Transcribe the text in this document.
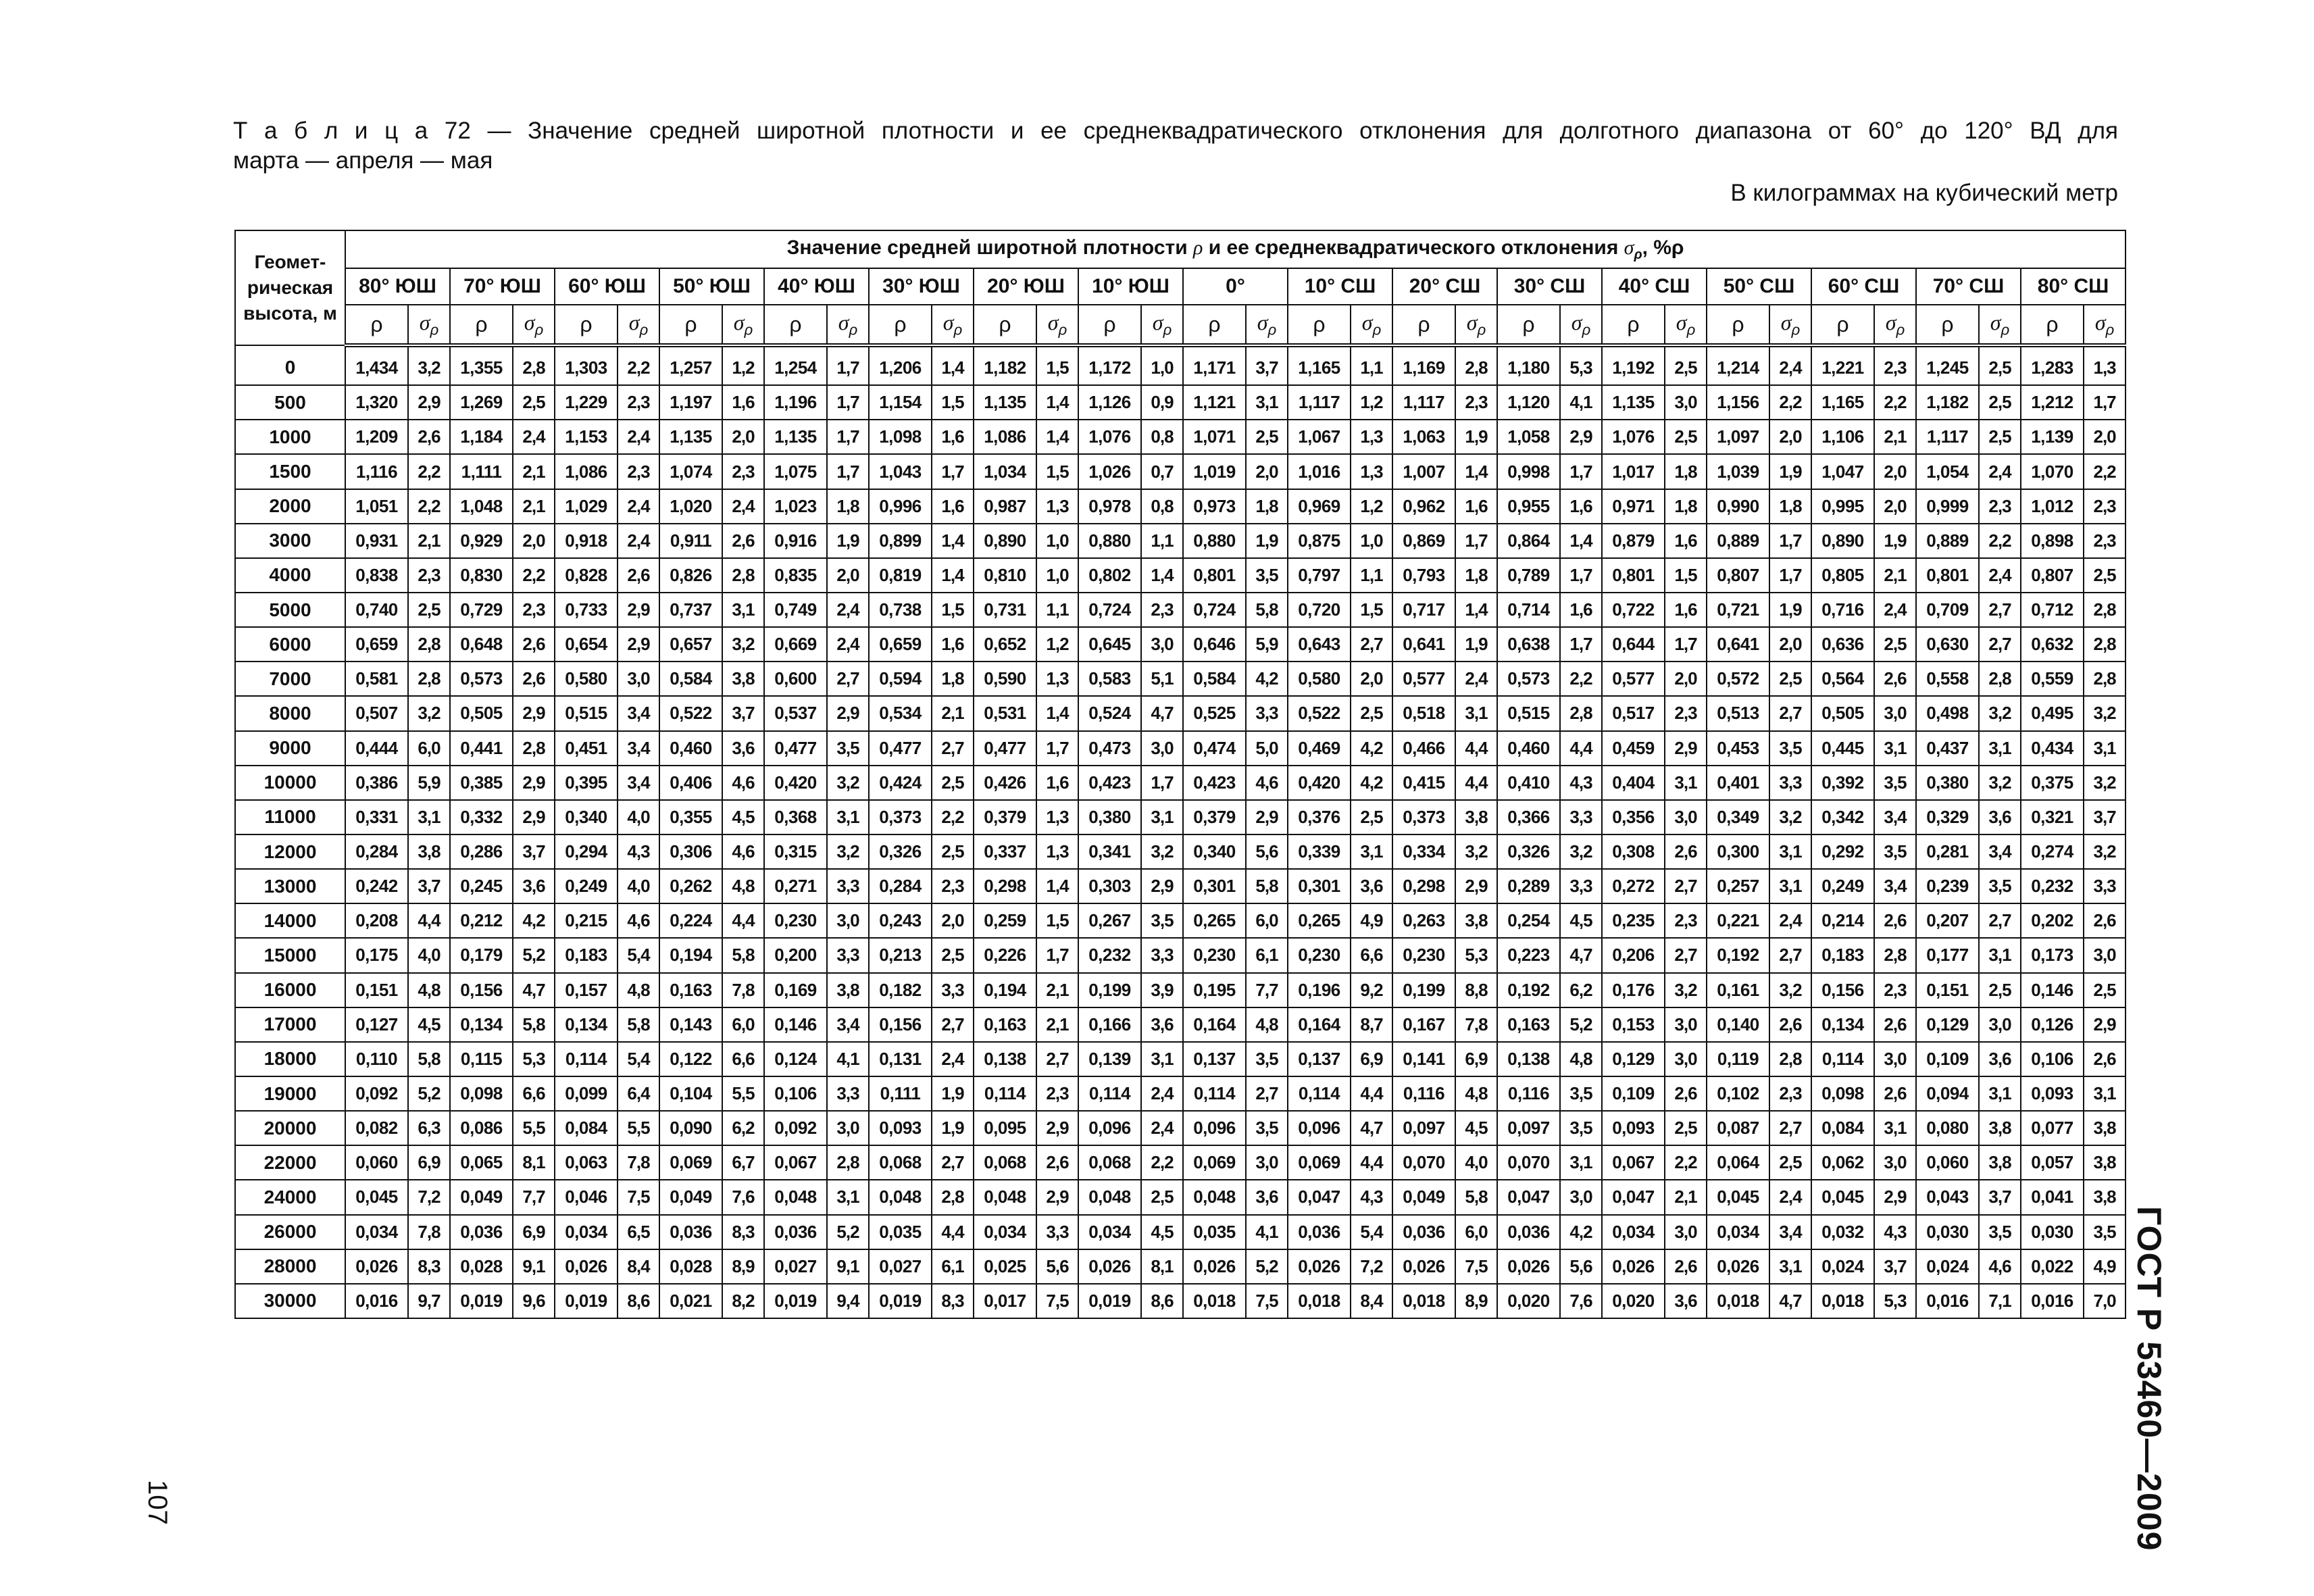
Т а б л и ц а 72 — Значение средней широтной плотности и ее среднеквадратического отклонения для долготного диапазона от 60° до 120° ВД для
марта — апреля — мая
В килограммах на кубический метр
Геомет-
рическая
высота, м	Значение средней широтной плотности ρ и ее среднеквадратического отклонения $\sigma_\rho$, %ρ																																	
	80° ЮШ		70° ЮШ		60° ЮШ		50° ЮШ		40° ЮШ		30° ЮШ		20° ЮШ		10° ЮШ		0°		10° СШ		20° СШ		30° СШ		40° СШ		50° СШ		60° СШ		70° СШ		80° СШ	
	ρ	$\sigma_\rho$	ρ	$\sigma_\rho$	ρ	$\sigma_\rho$	ρ	$\sigma_\rho$	ρ	$\sigma_\rho$	ρ	$\sigma_\rho$	ρ	$\sigma_\rho$	ρ	$\sigma_\rho$	ρ	$\sigma_\rho$	ρ	$\sigma_\rho$	ρ	$\sigma_\rho$	ρ	$\sigma_\rho$	ρ	$\sigma_\rho$	ρ	$\sigma_\rho$	ρ	$\sigma_\rho$	ρ	$\sigma_\rho$	ρ	$\sigma_\rho$
0	1,434	3,2	1,355	2,8	1,303	2,2	1,257	1,2	1,254	1,7	1,206	1,4	1,182	1,5	1,172	1,0	1,171	3,7	1,165	1,1	1,169	2,8	1,180	5,3	1,192	2,5	1,214	2,4	1,221	2,3	1,245	2,5	1,283	1,3
500	1,320	2,9	1,269	2,5	1,229	2,3	1,197	1,6	1,196	1,7	1,154	1,5	1,135	1,4	1,126	0,9	1,121	3,1	1,117	1,2	1,117	2,3	1,120	4,1	1,135	3,0	1,156	2,2	1,165	2,2	1,182	2,5	1,212	1,7
1000	1,209	2,6	1,184	2,4	1,153	2,4	1,135	2,0	1,135	1,7	1,098	1,6	1,086	1,4	1,076	0,8	1,071	2,5	1,067	1,3	1,063	1,9	1,058	2,9	1,076	2,5	1,097	2,0	1,106	2,1	1,117	2,5	1,139	2,0
1500	1,116	2,2	1,111	2,1	1,086	2,3	1,074	2,3	1,075	1,7	1,043	1,7	1,034	1,5	1,026	0,7	1,019	2,0	1,016	1,3	1,007	1,4	0,998	1,7	1,017	1,8	1,039	1,9	1,047	2,0	1,054	2,4	1,070	2,2
2000	1,051	2,2	1,048	2,1	1,029	2,4	1,020	2,4	1,023	1,8	0,996	1,6	0,987	1,3	0,978	0,8	0,973	1,8	0,969	1,2	0,962	1,6	0,955	1,6	0,971	1,8	0,990	1,8	0,995	2,0	0,999	2,3	1,012	2,3
3000	0,931	2,1	0,929	2,0	0,918	2,4	0,911	2,6	0,916	1,9	0,899	1,4	0,890	1,0	0,880	1,1	0,880	1,9	0,875	1,0	0,869	1,7	0,864	1,4	0,879	1,6	0,889	1,7	0,890	1,9	0,889	2,2	0,898	2,3
4000	0,838	2,3	0,830	2,2	0,828	2,6	0,826	2,8	0,835	2,0	0,819	1,4	0,810	1,0	0,802	1,4	0,801	3,5	0,797	1,1	0,793	1,8	0,789	1,7	0,801	1,5	0,807	1,7	0,805	2,1	0,801	2,4	0,807	2,5
5000	0,740	2,5	0,729	2,3	0,733	2,9	0,737	3,1	0,749	2,4	0,738	1,5	0,731	1,1	0,724	2,3	0,724	5,8	0,720	1,5	0,717	1,4	0,714	1,6	0,722	1,6	0,721	1,9	0,716	2,4	0,709	2,7	0,712	2,8
6000	0,659	2,8	0,648	2,6	0,654	2,9	0,657	3,2	0,669	2,4	0,659	1,6	0,652	1,2	0,645	3,0	0,646	5,9	0,643	2,7	0,641	1,9	0,638	1,7	0,644	1,7	0,641	2,0	0,636	2,5	0,630	2,7	0,632	2,8
7000	0,581	2,8	0,573	2,6	0,580	3,0	0,584	3,8	0,600	2,7	0,594	1,8	0,590	1,3	0,583	5,1	0,584	4,2	0,580	2,0	0,577	2,4	0,573	2,2	0,577	2,0	0,572	2,5	0,564	2,6	0,558	2,8	0,559	2,8
8000	0,507	3,2	0,505	2,9	0,515	3,4	0,522	3,7	0,537	2,9	0,534	2,1	0,531	1,4	0,524	4,7	0,525	3,3	0,522	2,5	0,518	3,1	0,515	2,8	0,517	2,3	0,513	2,7	0,505	3,0	0,498	3,2	0,495	3,2
9000	0,444	6,0	0,441	2,8	0,451	3,4	0,460	3,6	0,477	3,5	0,477	2,7	0,477	1,7	0,473	3,0	0,474	5,0	0,469	4,2	0,466	4,4	0,460	4,4	0,459	2,9	0,453	3,5	0,445	3,1	0,437	3,1	0,434	3,1
10000	0,386	5,9	0,385	2,9	0,395	3,4	0,406	4,6	0,420	3,2	0,424	2,5	0,426	1,6	0,423	1,7	0,423	4,6	0,420	4,2	0,415	4,4	0,410	4,3	0,404	3,1	0,401	3,3	0,392	3,5	0,380	3,2	0,375	3,2
11000	0,331	3,1	0,332	2,9	0,340	4,0	0,355	4,5	0,368	3,1	0,373	2,2	0,379	1,3	0,380	3,1	0,379	2,9	0,376	2,5	0,373	3,8	0,366	3,3	0,356	3,0	0,349	3,2	0,342	3,4	0,329	3,6	0,321	3,7
12000	0,284	3,8	0,286	3,7	0,294	4,3	0,306	4,6	0,315	3,2	0,326	2,5	0,337	1,3	0,341	3,2	0,340	5,6	0,339	3,1	0,334	3,2	0,326	3,2	0,308	2,6	0,300	3,1	0,292	3,5	0,281	3,4	0,274	3,2
13000	0,242	3,7	0,245	3,6	0,249	4,0	0,262	4,8	0,271	3,3	0,284	2,3	0,298	1,4	0,303	2,9	0,301	5,8	0,301	3,6	0,298	2,9	0,289	3,3	0,272	2,7	0,257	3,1	0,249	3,4	0,239	3,5	0,232	3,3
14000	0,208	4,4	0,212	4,2	0,215	4,6	0,224	4,4	0,230	3,0	0,243	2,0	0,259	1,5	0,267	3,5	0,265	6,0	0,265	4,9	0,263	3,8	0,254	4,5	0,235	2,3	0,221	2,4	0,214	2,6	0,207	2,7	0,202	2,6
15000	0,175	4,0	0,179	5,2	0,183	5,4	0,194	5,8	0,200	3,3	0,213	2,5	0,226	1,7	0,232	3,3	0,230	6,1	0,230	6,6	0,230	5,3	0,223	4,7	0,206	2,7	0,192	2,7	0,183	2,8	0,177	3,1	0,173	3,0
16000	0,151	4,8	0,156	4,7	0,157	4,8	0,163	7,8	0,169	3,8	0,182	3,3	0,194	2,1	0,199	3,9	0,195	7,7	0,196	9,2	0,199	8,8	0,192	6,2	0,176	3,2	0,161	3,2	0,156	2,3	0,151	2,5	0,146	2,5
17000	0,127	4,5	0,134	5,8	0,134	5,8	0,143	6,0	0,146	3,4	0,156	2,7	0,163	2,1	0,166	3,6	0,164	4,8	0,164	8,7	0,167	7,8	0,163	5,2	0,153	3,0	0,140	2,6	0,134	2,6	0,129	3,0	0,126	2,9
18000	0,110	5,8	0,115	5,3	0,114	5,4	0,122	6,6	0,124	4,1	0,131	2,4	0,138	2,7	0,139	3,1	0,137	3,5	0,137	6,9	0,141	6,9	0,138	4,8	0,129	3,0	0,119	2,8	0,114	3,0	0,109	3,6	0,106	2,6
19000	0,092	5,2	0,098	6,6	0,099	6,4	0,104	5,5	0,106	3,3	0,111	1,9	0,114	2,3	0,114	2,4	0,114	2,7	0,114	4,4	0,116	4,8	0,116	3,5	0,109	2,6	0,102	2,3	0,098	2,6	0,094	3,1	0,093	3,1
20000	0,082	6,3	0,086	5,5	0,084	5,5	0,090	6,2	0,092	3,0	0,093	1,9	0,095	2,9	0,096	2,4	0,096	3,5	0,096	4,7	0,097	4,5	0,097	3,5	0,093	2,5	0,087	2,7	0,084	3,1	0,080	3,8	0,077	3,8
22000	0,060	6,9	0,065	8,1	0,063	7,8	0,069	6,7	0,067	2,8	0,068	2,7	0,068	2,6	0,068	2,2	0,069	3,0	0,069	4,4	0,070	4,0	0,070	3,1	0,067	2,2	0,064	2,5	0,062	3,0	0,060	3,8	0,057	3,8
24000	0,045	7,2	0,049	7,7	0,046	7,5	0,049	7,6	0,048	3,1	0,048	2,8	0,048	2,9	0,048	2,5	0,048	3,6	0,047	4,3	0,049	5,8	0,047	3,0	0,047	2,1	0,045	2,4	0,045	2,9	0,043	3,7	0,041	3,8
26000	0,034	7,8	0,036	6,9	0,034	6,5	0,036	8,3	0,036	5,2	0,035	4,4	0,034	3,3	0,034	4,5	0,035	4,1	0,036	5,4	0,036	6,0	0,036	4,2	0,034	3,0	0,034	3,4	0,032	4,3	0,030	3,5	0,030	3,5
28000	0,026	8,3	0,028	9,1	0,026	8,4	0,028	8,9	0,027	9,1	0,027	6,1	0,025	5,6	0,026	8,1	0,026	5,2	0,026	7,2	0,026	7,5	0,026	5,6	0,026	2,6	0,026	3,1	0,024	3,7	0,024	4,6	0,022	4,9
30000	0,016	9,7	0,019	9,6	0,019	8,6	0,021	8,2	0,019	9,4	0,019	8,3	0,017	7,5	0,019	8,6	0,018	7,5	0,018	8,4	0,018	8,9	0,020	7,6	0,020	3,6	0,018	4,7	0,018	5,3	0,016	7,1	0,016	7,0
107	ГОСТ Р 53460—2009
